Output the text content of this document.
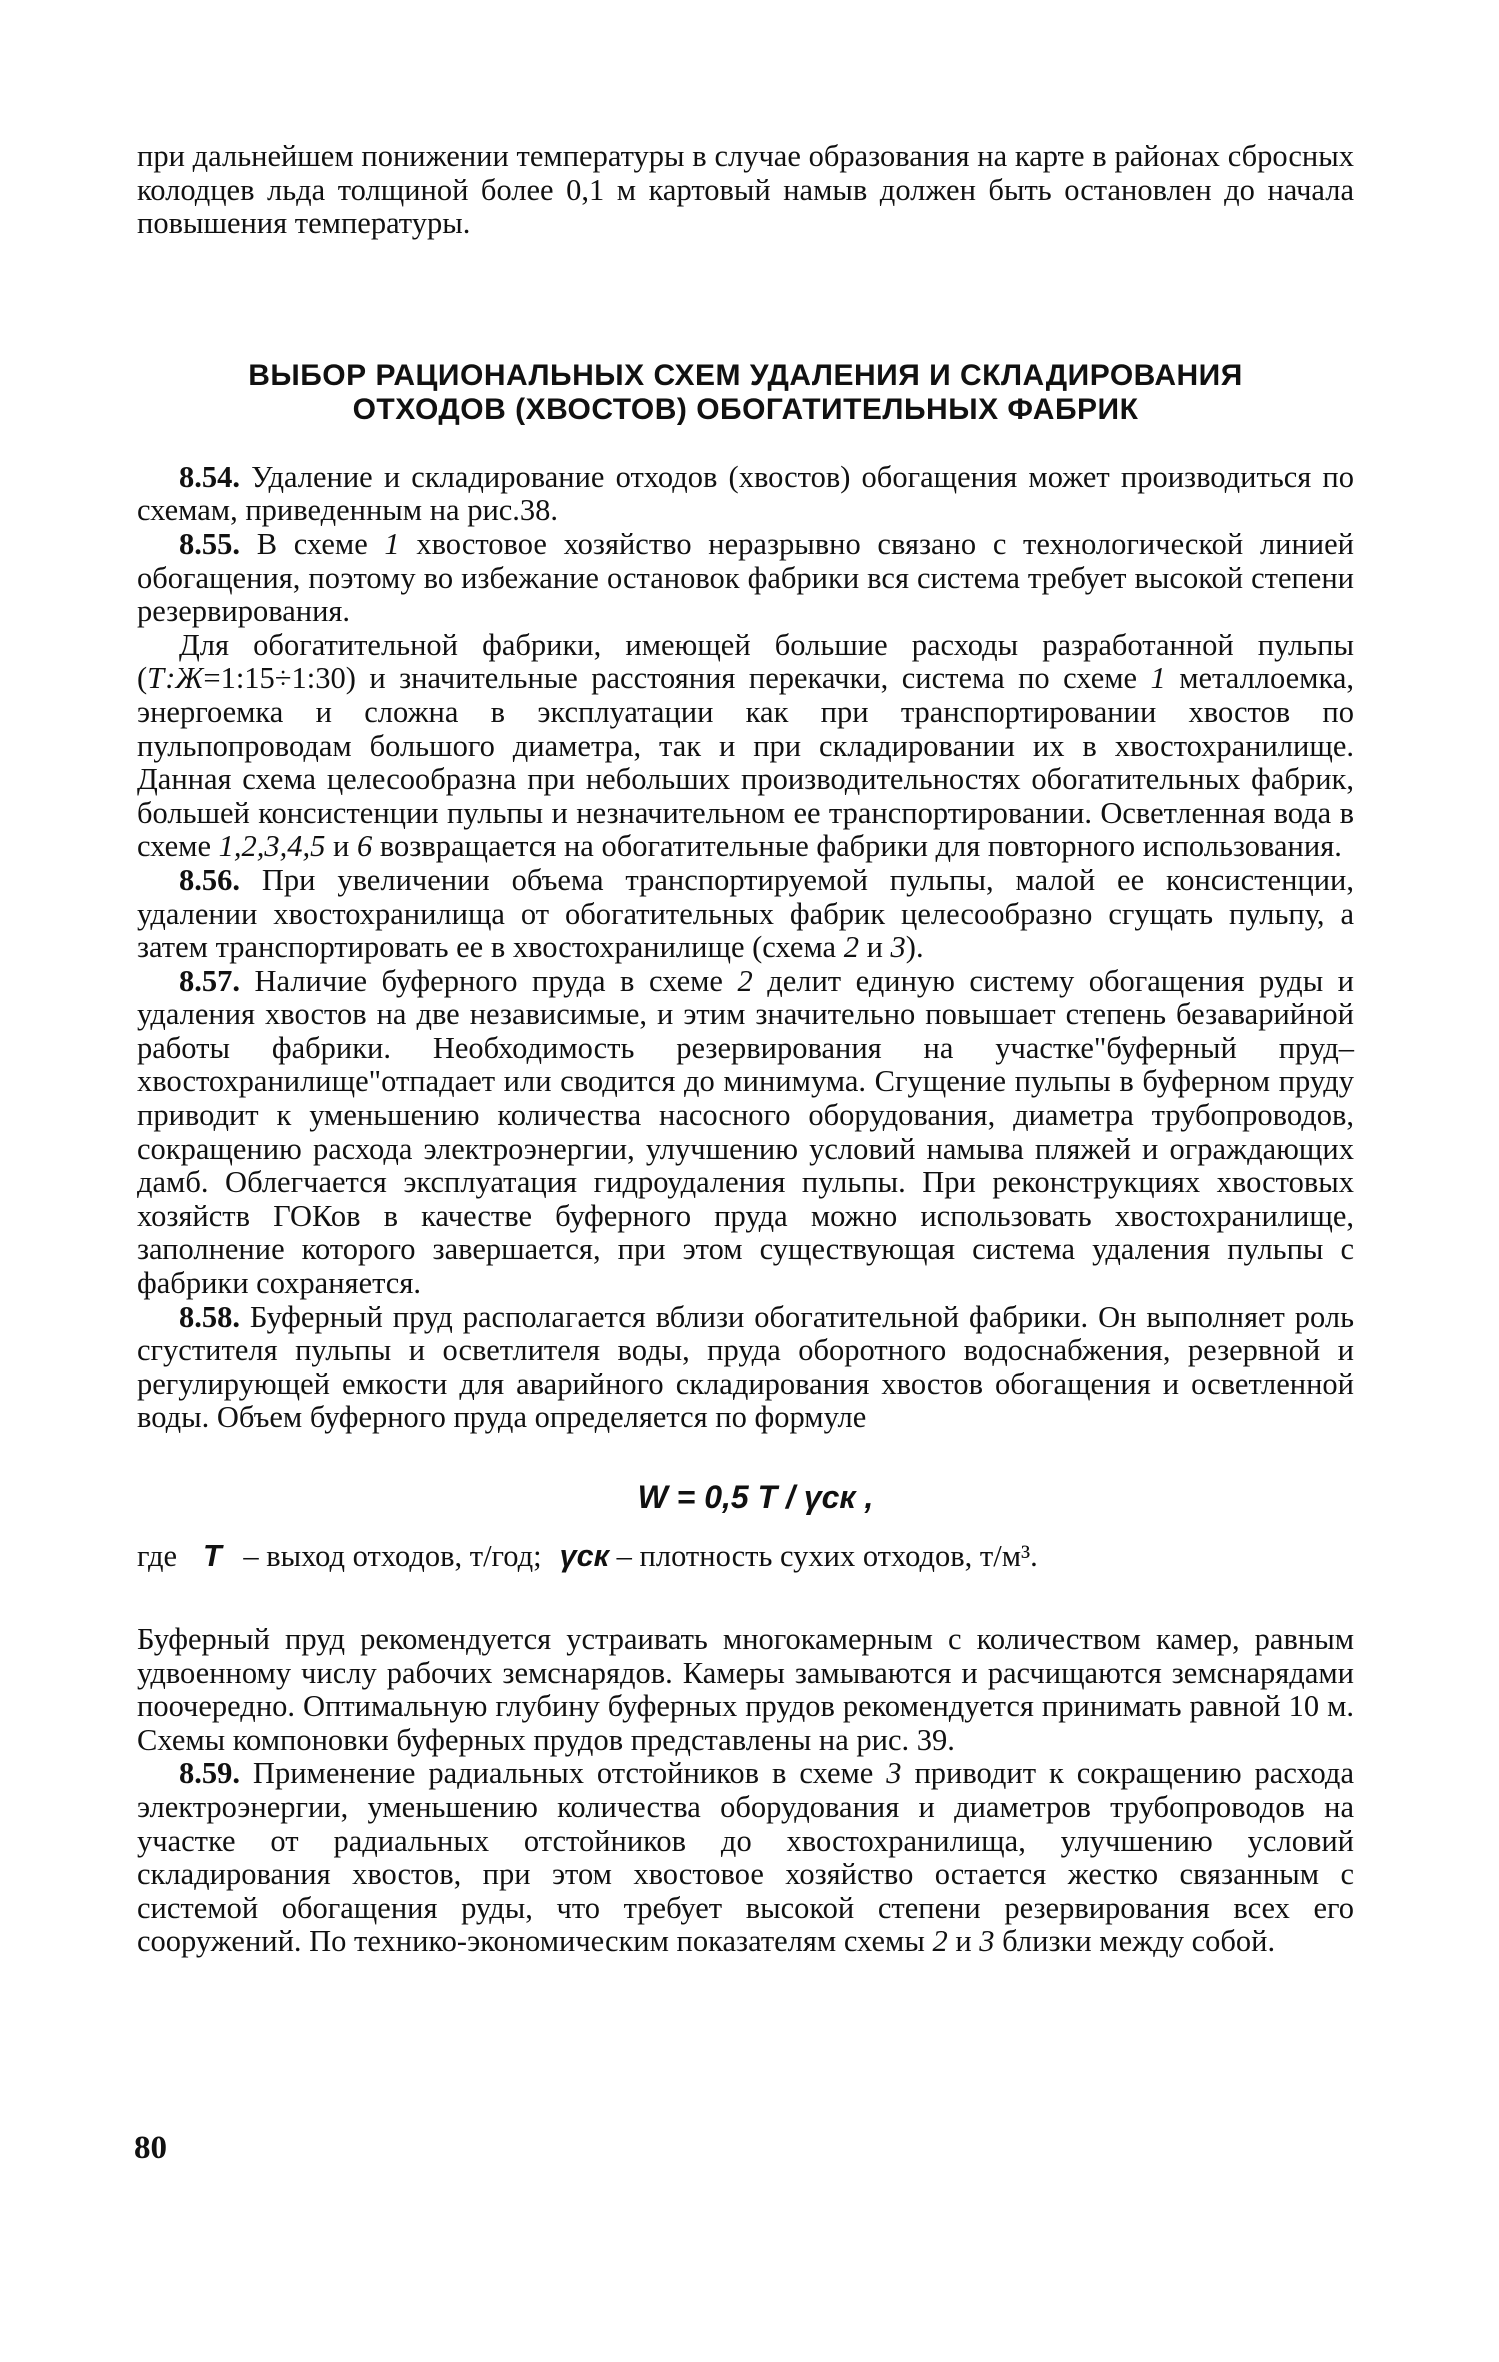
при дальнейшем понижении температуры в случае образования на карте в районах сбросных колодцев льда толщиной более 0,1 м картовый намыв должен быть остановлен до начала повышения температуры.

ВЫБОР РАЦИОНАЛЬНЫХ СХЕМ УДАЛЕНИЯ И СКЛАДИРОВАНИЯ
ОТХОДОВ (ХВОСТОВ) ОБОГАТИТЕЛЬНЫХ ФАБРИК

8.54. Удаление и складирование отходов (хвостов) обогащения может производиться по схемам, приведенным на рис.38.

8.55. В схеме 1 хвостовое хозяйство неразрывно связано с технологической линией обогащения, поэтому во избежание остановок фабрики вся система требует высокой степени резервирования.

Для обогатительной фабрики, имеющей большие расходы разработанной пульпы (Т:Ж=1:15÷1:30) и значительные расстояния перекачки, система по схеме 1 металлоемка, энергоемка и сложна в эксплуатации как при транспортировании хвостов по пульпопроводам большого диаметра, так и при складировании их в хвостохранилище. Данная схема целесообразна при небольших производительностях обогатительных фабрик, большей консистенции пульпы и незначительном ее транспортировании. Осветленная вода в схеме 1,2,3,4,5 и 6 возвращается на обогатительные фабрики для повторного использования.

8.56. При увеличении объема транспортируемой пульпы, малой ее консистенции, удалении хвостохранилища от обогатительных фабрик целесообразно сгущать пульпу, а затем транспортировать ее в хвостохранилище (схема 2 и 3).

8.57. Наличие буферного пруда в схеме 2 делит единую систему обогащения руды и удаления хвостов на две независимые, и этим значительно повышает степень безаварийной работы фабрики. Необходимость резервирования на участке"буферный пруд–хвостохранилище"отпадает или сводится до минимума. Сгущение пульпы в буферном пруду приводит к уменьшению количества насосного оборудования, диаметра трубопроводов, сокращению расхода электроэнергии, улучшению условий намыва пляжей и ограждающих дамб. Облегчается эксплуатация гидроудаления пульпы. При реконструкциях хвостовых хозяйств ГОКов в качестве буферного пруда можно использовать хвостохранилище, заполнение которого завершается, при этом существующая система удаления пульпы с фабрики сохраняется.

8.58. Буферный пруд располагается вблизи обогатительной фабрики. Он выполняет роль сгустителя пульпы и осветлителя воды, пруда оборотного водоснабжения, резервной и регулирующей емкости для аварийного складирования хвостов обогащения и осветленной воды. Объем буферного пруда определяется по формуле

W = 0,5 T / γск ,
где T – выход отходов, т/год; γск – плотность сухих отходов, т/м³.

Буферный пруд рекомендуется устраивать многокамерным с количеством камер, равным удвоенному числу рабочих земснарядов. Камеры замываются и расчищаются земснарядами поочередно. Оптимальную глубину буферных прудов рекомендуется принимать равной 10 м. Схемы компоновки буферных прудов представлены на рис. 39.

8.59. Применение радиальных отстойников в схеме 3 приводит к сокращению расхода электроэнергии, уменьшению количества оборудования и диаметров трубопроводов на участке от радиальных отстойников до хвостохранилища, улучшению условий складирования хвостов, при этом хвостовое хозяйство остается жестко связанным с системой обогащения руды, что требует высокой степени резервирования всех его сооружений. По технико-экономическим показателям схемы 2 и 3 близки между собой.

80
